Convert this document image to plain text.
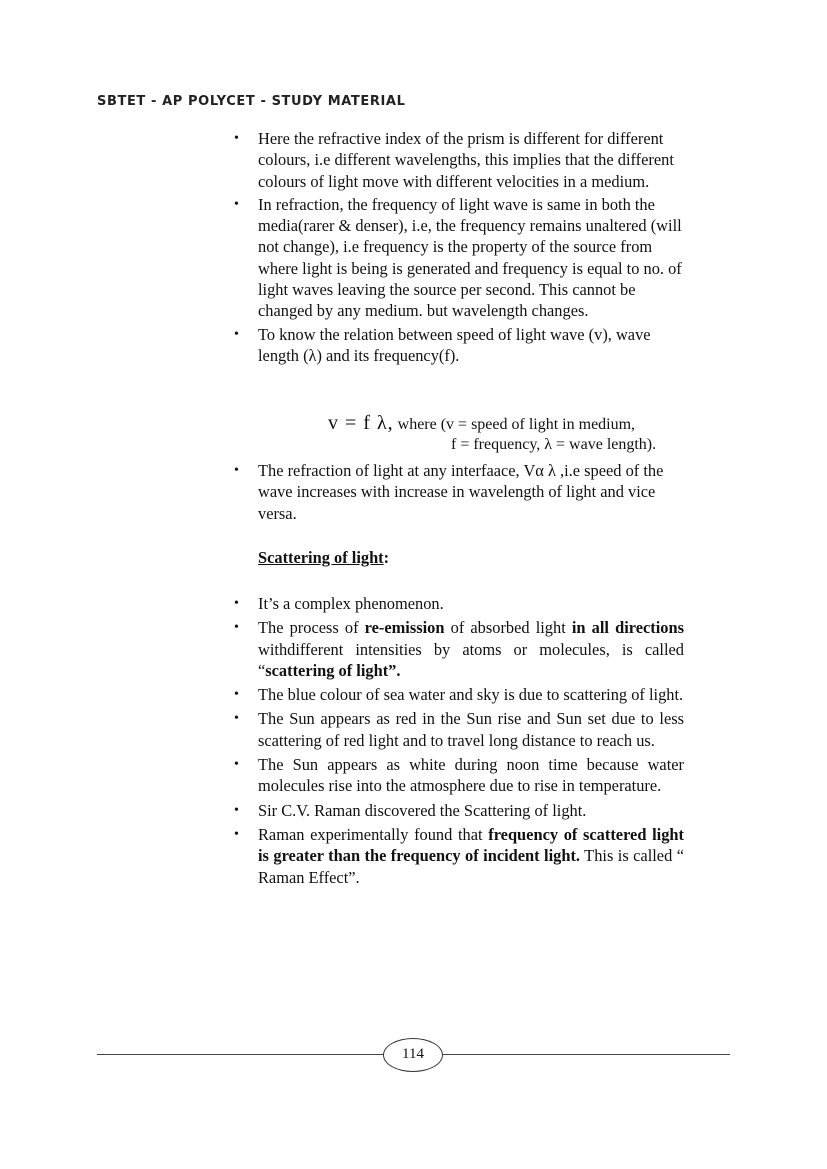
SBTET - AP POLYCET - STUDY MATERIAL
• Here the refractive index of the prism is different for different colours, i.e different wavelengths, this implies that the different colours of light move with different velocities in a medium.
• In refraction, the frequency of light wave is same in both the media(rarer & denser), i.e, the frequency remains unaltered (will not change), i.e frequency is the property of the source from where light is being is generated and frequency is equal to no. of light waves leaving the source per second. This cannot be changed by any medium. but wavelength changes.
• To know the relation between speed of light wave (v), wave length (λ) and its frequency(f).
v = f λ, where (v = speed of light in medium,
f = frequency, λ = wave length).
• The refraction of light at any interfaace, Vα λ ,i.e speed of the wave increases with increase in wavelength of light and vice versa.
Scattering of light:
• It’s a complex phenomenon.
• The process of re-emission of absorbed light in all directions withdifferent intensities by atoms or molecules, is called “scattering of light”.
• The blue colour of sea water and sky is due to scattering of light.
• The Sun appears as red in the Sun rise and Sun set due to less scattering of red light and to travel long distance to reach us.
• The Sun appears as white during noon time because water molecules rise into the atmosphere due to rise in temperature.
• Sir C.V. Raman discovered the Scattering of light.
• Raman experimentally found that frequency of scattered light is greater than the frequency of incident light. This is called “ Raman Effect”.
114
